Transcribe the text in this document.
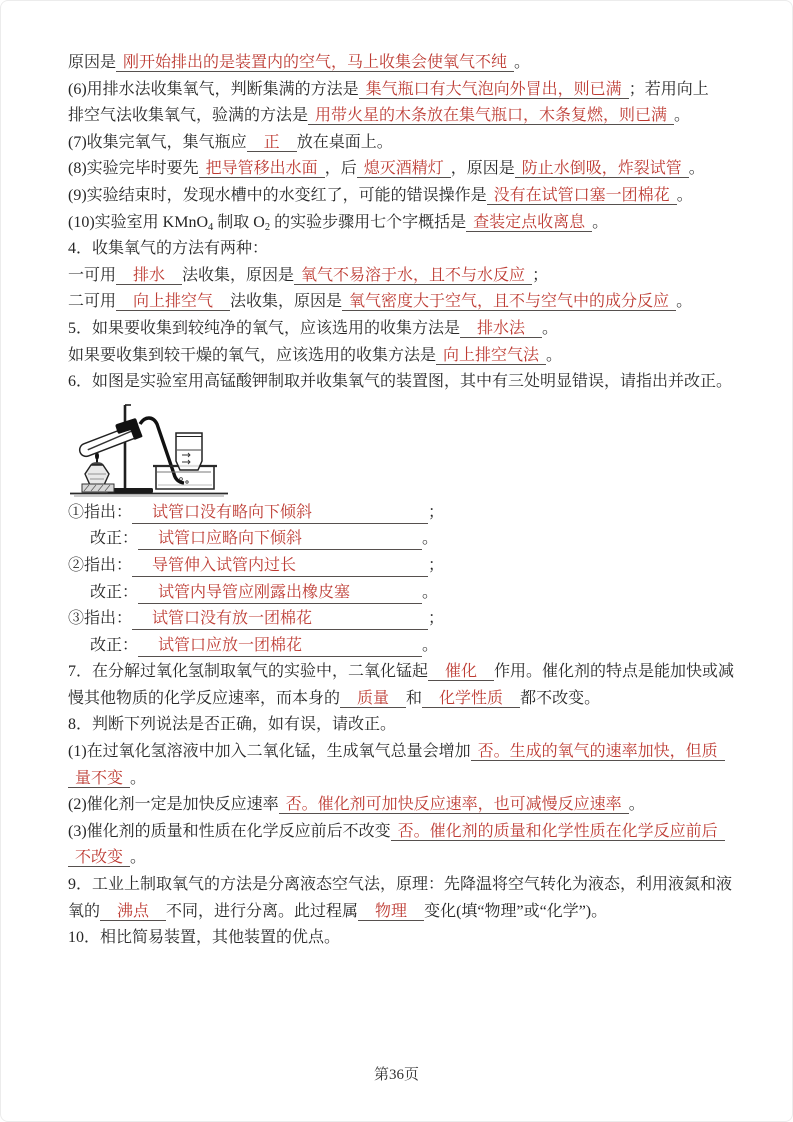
原因是 刚开始排出的是装置内的空气，马上收集会使氧气不纯 。
(6)用排水法收集氧气，判断集满的方法是 集气瓶口有大气泡向外冒出，则已满 ；若用向上
排空气法收集氧气，验满的方法是 用带火星的木条放在集气瓶口，木条复燃，则已满 。
(7)收集完氧气，集气瓶应 正 放在桌面上。
(8)实验完毕时要先 把导管移出水面 ，后 熄灭酒精灯 ，原因是 防止水倒吸，炸裂试管 。
(9)实验结束时，发现水槽中的水变红了，可能的错误操作是 没有在试管口塞一团棉花 。
(10)实验室用 KMnO4 制取 O2 的实验步骤用七个字概括是 查装定点收离息 。
4．收集氧气的方法有两种：
一可用 排水 法收集，原因是 氧气不易溶于水，且不与水反应 ；
二可用 向上排空气 法收集，原因是 氧气密度大于空气，且不与空气中的成分反应 。
5．如果要收集到较纯净的氧气，应该选用的收集方法是 排水法 。
如果要收集到较干燥的氧气，应该选用的收集方法是 向上排空气法 。
6．如图是实验室用高锰酸钾制取并收集氧气的装置图，其中有三处明显错误，请指出并改正。
①指出： 试管口没有略向下倾斜	；
改正： 试管口应略向下倾斜	。
②指出： 导管伸入试管内过长	；
改正： 试管内导管应刚露出橡皮塞	。
③指出： 试管口没有放一团棉花	；
改正： 试管口应放一团棉花	。
7．在分解过氧化氢制取氧气的实验中，二氧化锰起 催化 作用。催化剂的特点是能加快或减
慢其他物质的化学反应速率，而本身的 质量 和 化学性质 都不改变。
8．判断下列说法是否正确，如有误，请改正。
(1)在过氧化氢溶液中加入二氧化锰，生成氧气总量会增加 否。生成的氧气的速率加快，但质
量不变 。
(2)催化剂一定是加快反应速率 否。催化剂可加快反应速率，也可减慢反应速率 。
(3)催化剂的质量和性质在化学反应前后不改变 否。催化剂的质量和化学性质在化学反应前后
不改变 。
9．工业上制取氧气的方法是分离液态空气法，原理：先降温将空气转化为液态，利用液氮和液
氧的 沸点 不同，进行分离。此过程属 物理 变化(填“物理”或“化学”)。
10．相比简易装置，其他装置的优点。
第36页
